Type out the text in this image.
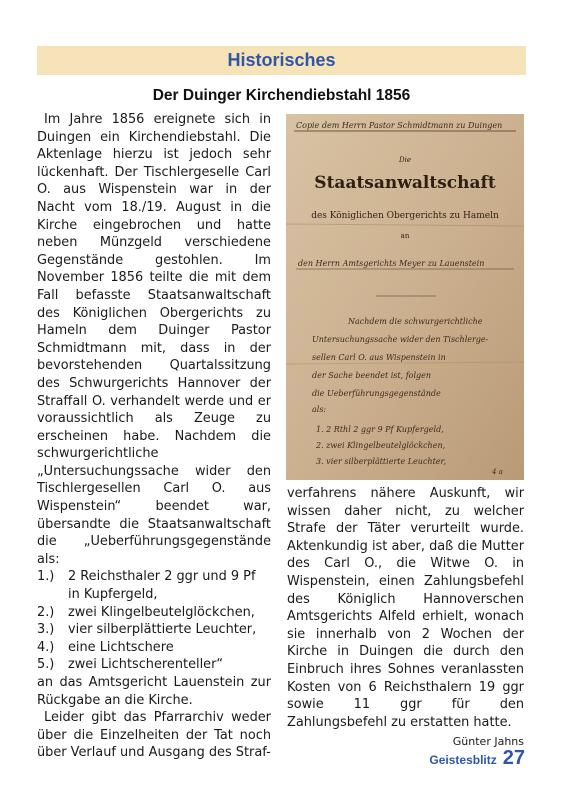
Historisches
Der Duinger Kirchendiebstahl 1856

Im Jahre 1856 ereignete sich in Duingen ein Kirchendiebstahl. Die Aktenlage hierzu ist jedoch sehr lückenhaft. Der Tischlergeselle Carl O. aus Wispenstein war in der Nacht vom 18./19. August in die Kirche eingebrochen und hatte neben Münzgeld verschiedene Gegenstände gestohlen. Im November 1856 teilte die mit dem Fall befasste Staatsanwaltschaft des Königlichen Obergerichts zu Hameln dem Duinger Pastor Schmidtmann mit, dass in der bevorstehenden Quartalssitzung des Schwurgerichts Hannover der Straffall O. verhandelt werde und er voraussichtlich als Zeuge zu erscheinen habe. Nachdem die schwurgerichtliche „Untersuchungssache wider den Tischlergesellen Carl O. aus Wispenstein“ beendet war, übersandte die Staatsanwaltschaft die „Ueberführungsgegenstände als:

1.)	2 Reichsthaler 2 ggr und 9 Pf in Kupfergeld,
2.)	zwei Klingelbeutelglöckchen,
3.)	vier silberplättierte Leuchter,
4.)	eine Lichtschere
5.)	zwei Lichtscherenteller“

an das Amtsgericht Lauenstein zur Rückgabe an die Kirche.

Leider gibt das Pfarrarchiv weder über die Einzelheiten der Tat noch über Verlauf und Ausgang des Straf-

Copie dem Herrn Pastor Schmidtmann zu Duingen
Die
Staatsanwaltschaft
des Königlichen Obergerichts zu Hameln
an
den Herrn Amtsgerichts Meyer zu Lauenstein
Nachdem die schwurgerichtliche
Untersuchungssache wider den Tischlerge-
sellen Carl O. aus Wispenstein in
der Sache beendet ist, folgen
die Ueberführungsgegenstände
als:
1. 2 Rthl 2 ggr 9 Pf Kupfergeld,
2. zwei Klingelbeutelglöckchen,
3. vier silberplättierte Leuchter,
4 a

verfahrens nähere Auskunft, wir wissen daher nicht, zu welcher Strafe der Täter verurteilt wurde. Aktenkundig ist aber, daß die Mutter des Carl O., die Witwe O. in Wispenstein, einen Zahlungsbefehl des Königlich Hannoverschen Amtsgerichts Alfeld erhielt, wonach sie innerhalb von 2 Wochen der Kirche in Duingen die durch den Einbruch ihres Sohnes veranlassten Kosten von 6 Reichsthalern 19 ggr sowie 11 ggr für den Zahlungsbefehl zu erstatten hatte.

Günter Jahns
Geistesblitz 27
